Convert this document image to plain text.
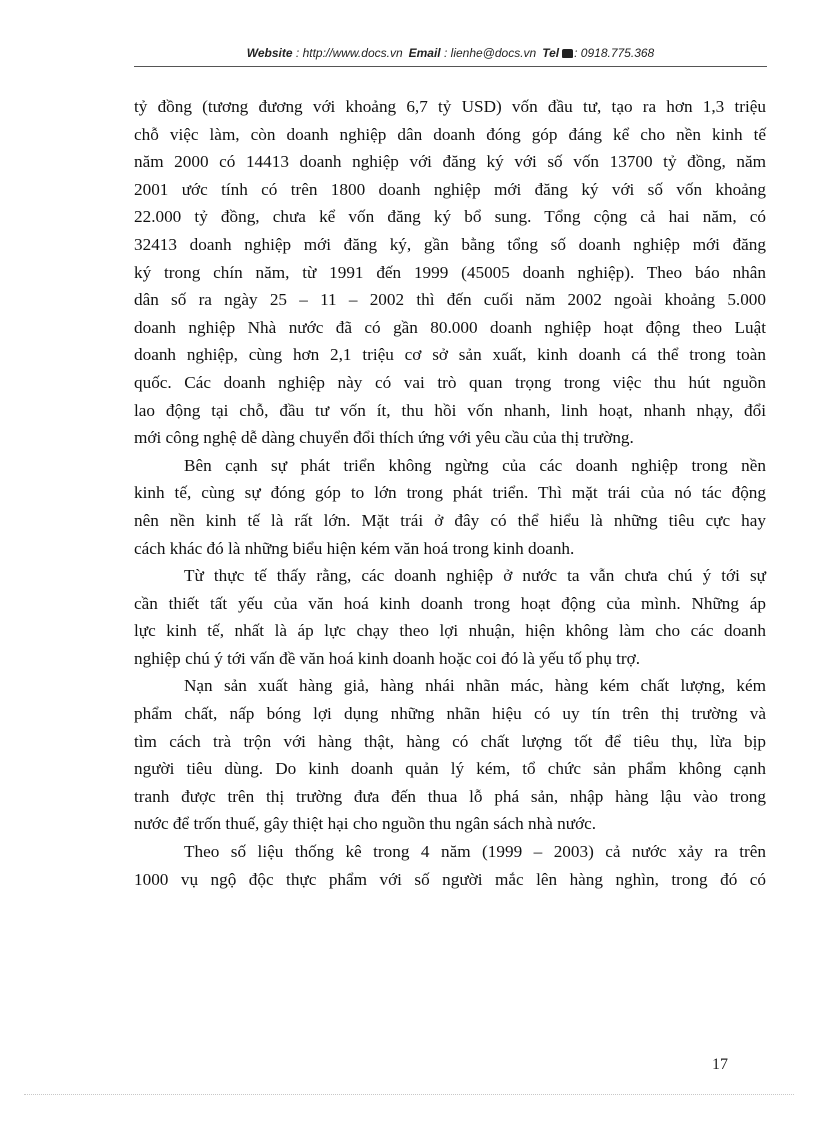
Website : http://www.docs.vn Email : lienhe@docs.vn Tel : 0918.775.368

tỷ đồng (tương đương với khoảng 6,7 tỷ USD) vốn đầu tư, tạo ra hơn 1,3 triệu
chỗ việc làm, còn doanh nghiệp dân doanh đóng góp đáng kể cho nền kinh tế
năm 2000 có 14413 doanh nghiệp với đăng ký với số vốn 13700 tỷ đồng, năm
2001 ước tính có trên 1800 doanh nghiệp mới đăng ký với số vốn khoảng
22.000 tỷ đồng, chưa kể vốn đăng ký bổ sung. Tổng cộng cả hai năm, có
32413 doanh nghiệp mới đăng ký, gần bằng tổng số doanh nghiệp mới đăng
ký trong chín năm, từ 1991 đến 1999 (45005 doanh nghiệp). Theo báo nhân
dân số ra ngày 25 – 11 – 2002 thì đến cuối năm 2002 ngoài khoảng 5.000
doanh nghiệp Nhà nước đã có gần 80.000 doanh nghiệp hoạt động theo Luật
doanh nghiệp, cùng hơn 2,1 triệu cơ sở sản xuất, kinh doanh cá thể trong toàn
quốc. Các doanh nghiệp này có vai trò quan trọng trong việc thu hút nguồn
lao động tại chỗ, đầu tư vốn ít, thu hồi vốn nhanh, linh hoạt, nhanh nhạy, đổi
mới công nghệ dễ dàng chuyển đổi thích ứng với yêu cầu của thị trường.

Bên cạnh sự phát triển không ngừng của các doanh nghiệp trong nền
kinh tế, cùng sự đóng góp to lớn trong phát triển. Thì mặt trái của nó tác động
nên nền kinh tế là rất lớn. Mặt trái ở đây có thể hiểu là những tiêu cực hay
cách khác đó là những biểu hiện kém văn hoá trong kinh doanh.

Từ thực tế thấy rằng, các doanh nghiệp ở nước ta vẫn chưa chú ý tới sự
cần thiết tất yếu của văn hoá kinh doanh trong hoạt động của mình. Những áp
lực kinh tế, nhất là áp lực chạy theo lợi nhuận, hiện không làm cho các doanh
nghiệp chú ý tới vấn đề văn hoá kinh doanh hoặc coi đó là yếu tố phụ trợ.

Nạn sản xuất hàng giả, hàng nhái nhãn mác, hàng kém chất lượng, kém
phẩm chất, nấp bóng lợi dụng những nhãn hiệu có uy tín trên thị trường và
tìm cách trà trộn với hàng thật, hàng có chất lượng tốt để tiêu thụ, lừa bịp
người tiêu dùng. Do kinh doanh quản lý kém, tổ chức sản phẩm không cạnh
tranh được trên thị trường đưa đến thua lỗ phá sản, nhập hàng lậu vào trong
nước để trốn thuế, gây thiệt hại cho nguồn thu ngân sách nhà nước.

Theo số liệu thống kê trong 4 năm (1999 – 2003) cả nước xảy ra trên
1000 vụ ngộ độc thực phẩm với số người mắc lên hàng nghìn, trong đó có

17
